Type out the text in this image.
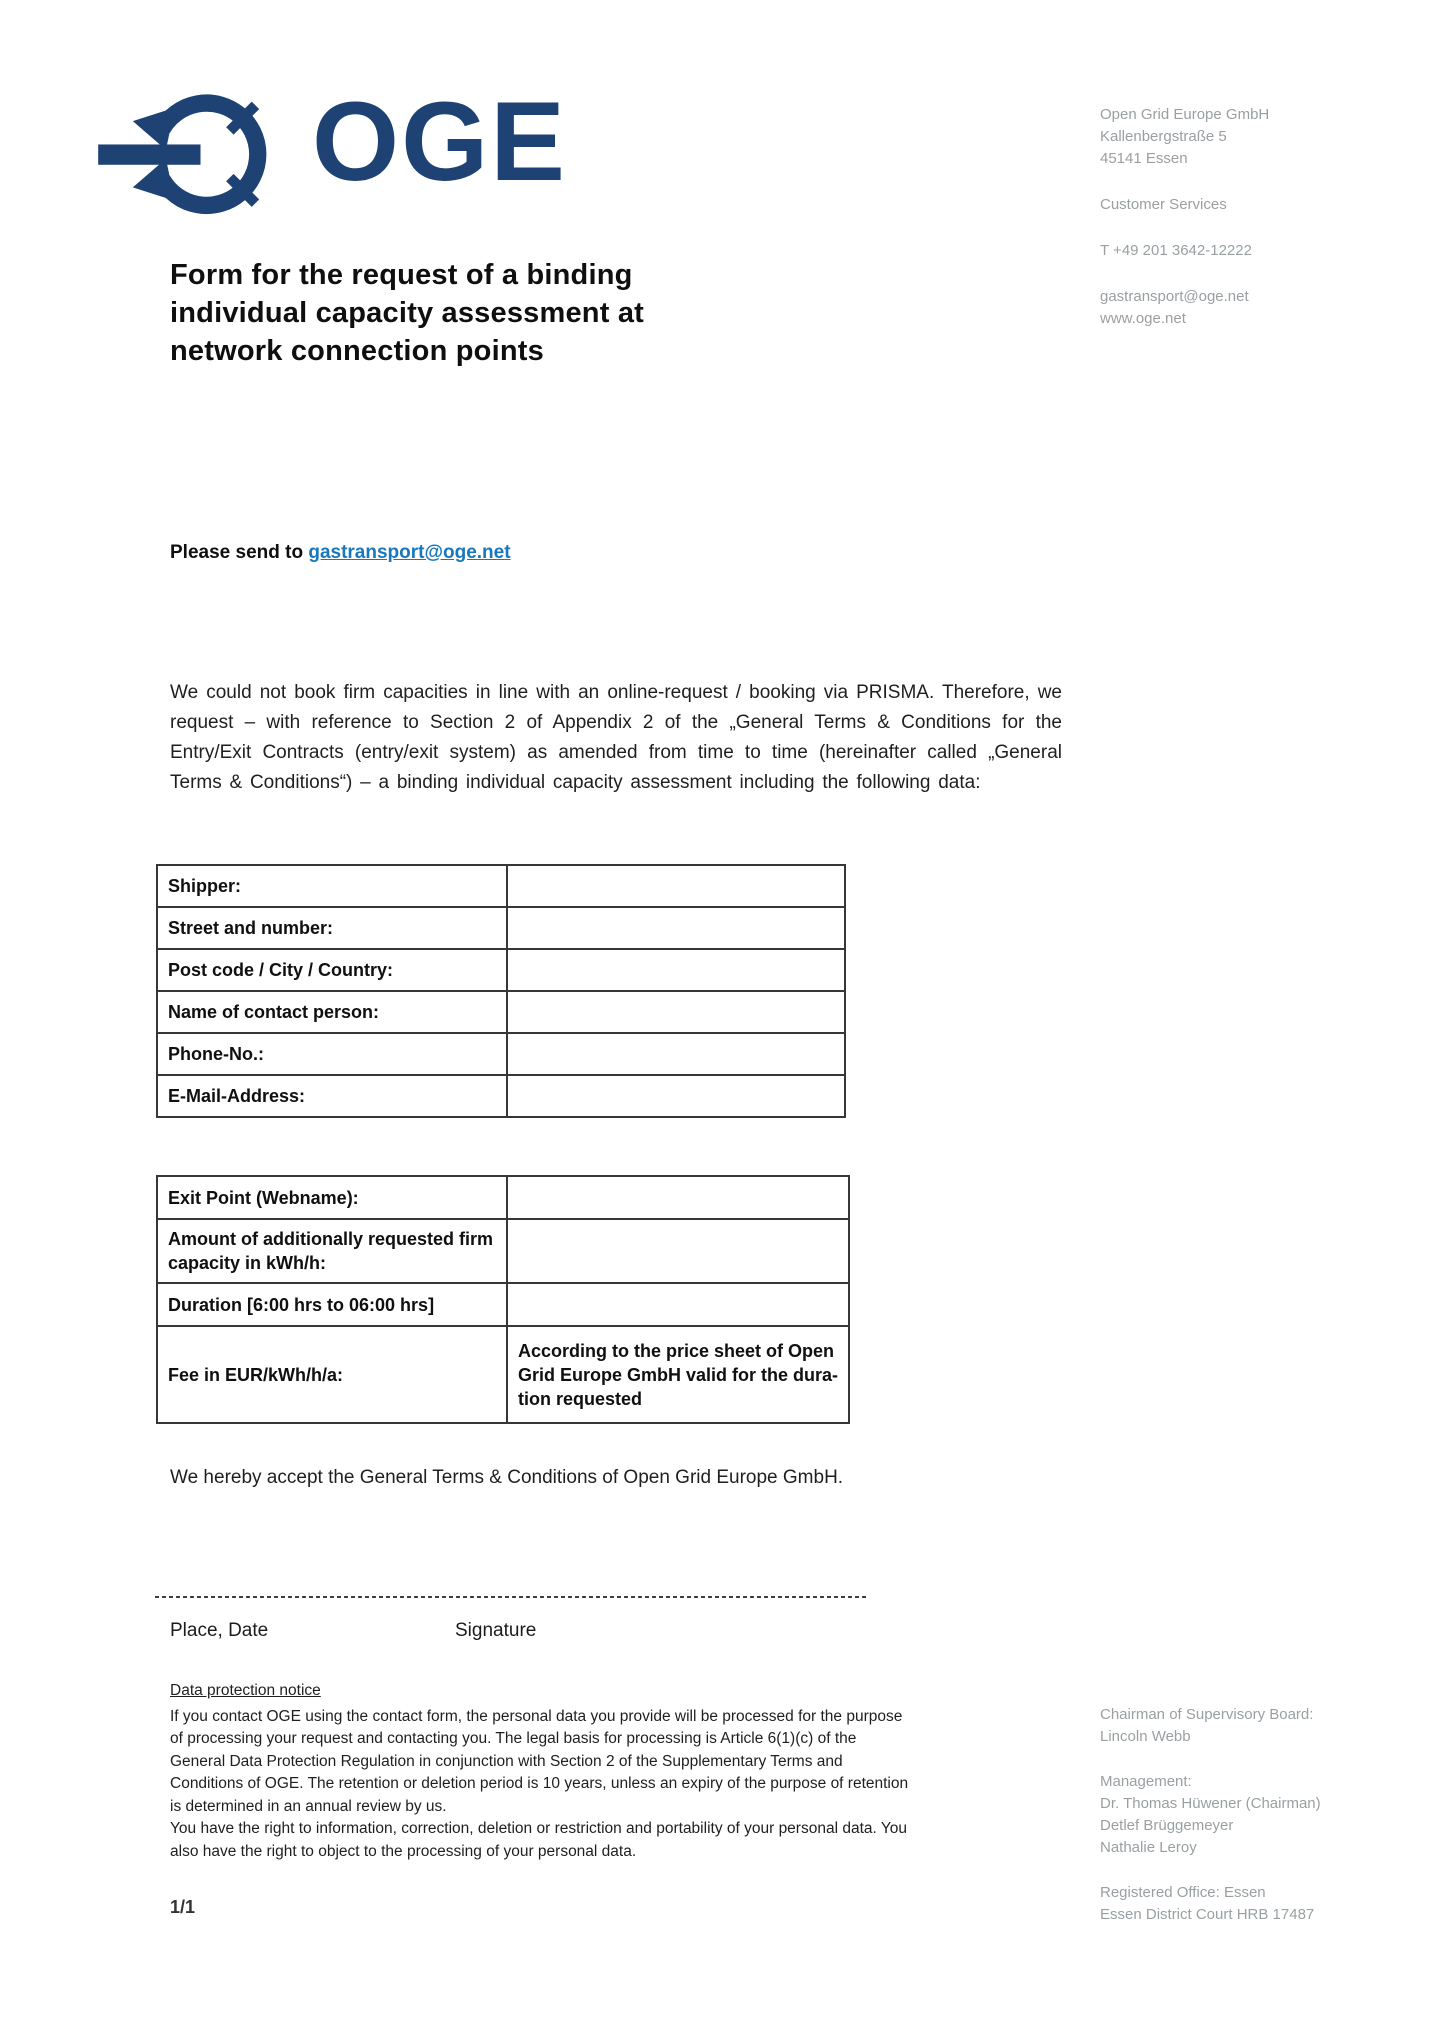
OGE	Open Grid Europe GmbH
Kallenbergstraße 5
45141 Essen
Customer Services
T +49 201 3642-12222
gastransport@oge.net
www.oge.net
Form for the request of a binding
individual capacity assessment at
network connection points
Please send to gastransport@oge.net

We could not book firm capacities in line with an online-request / booking via PRISMA. Therefore, we request – with reference to Section 2 of Appendix 2 of the „General Terms & Conditions for the Entry/Exit Contracts (entry/exit system) as amended from time to time (hereinafter called „General Terms & Conditions“) – a binding individual capacity assessment including the following data:

Shipper:	
Street and number:	
Post code / City / Country:	
Name of contact person:	
Phone-No.:	
E-Mail-Address:	
Exit Point (Webname):	

Amount of additionally requested firm
capacity in kWh/h:	

Duration [6:00 hrs to 06:00 hrs]	
Fee in EUR/kWh/h/a:	According to the price sheet of Open
Grid Europe GmbH valid for the dura-
tion requested

We hereby accept the General Terms & Conditions of Open Grid Europe GmbH.

Place, Date	Signature
Data protection notice

If you contact OGE using the contact form, the personal data you provide will be processed for the purpose of processing your request and contacting you. The legal basis for processing is Article 6(1)(c) of the General Data Protection Regulation in conjunction with Section 2 of the Supplementary Terms and Conditions of OGE. The retention or deletion period is 10 years, unless an expiry of the purpose of retention is determined in an annual review by us.

You have the right to information, correction, deletion or restriction and portability of your personal data. You also have the right to object to the processing of your personal data.

Chairman of Supervisory Board:
Lincoln Webb
Management:
Dr. Thomas Hüwener (Chairman)
Detlef Brüggemeyer
Nathalie Leroy
Registered Office: Essen
Essen District Court HRB 17487
1/1
